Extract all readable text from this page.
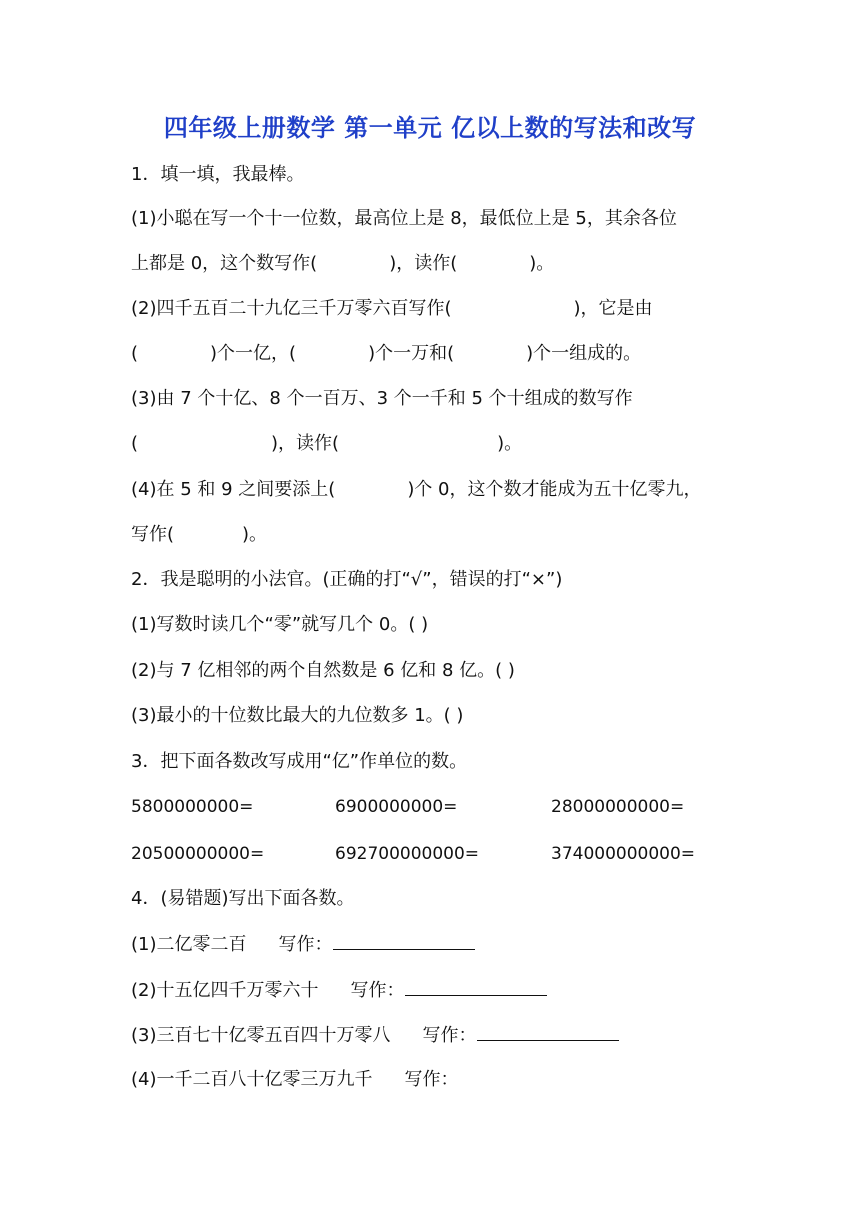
四年级上册数学 第一单元 亿以上数的写法和改写
1．填一填，我最棒。
(1)小聪在写一个十一位数，最高位上是 8，最低位上是 5，其余各位
上都是 0，这个数写作(	)，读作(	)。
(2)四千五百二十九亿三千万零六百写作(	)，它是由
(	)个一亿，(	)个一万和(	)个一组成的。
(3)由 7 个十亿、8 个一百万、3 个一千和 5 个十组成的数写作
(	)，读作(	)。
(4)在 5 和 9 之间要添上(	)个 0，这个数才能成为五十亿零九，
写作(	)。
2．我是聪明的小法官。(正确的打“√”，错误的打“×”)
(1)写数时读几个“零”就写几个 0。( )
(2)与 7 亿相邻的两个自然数是 6 亿和 8 亿。( )
(3)最小的十位数比最大的九位数多 1。( )
3．把下面各数改写成用“亿”作单位的数。
5800000000=	6900000000=	28000000000=
20500000000=	692700000000=	374000000000=
4．(易错题)写出下面各数。
(1)二亿零二百 写作：
(2)十五亿四千万零六十 写作：
(3)三百七十亿零五百四十万零八 写作：
(4)一千二百八十亿零三万九千 写作：
